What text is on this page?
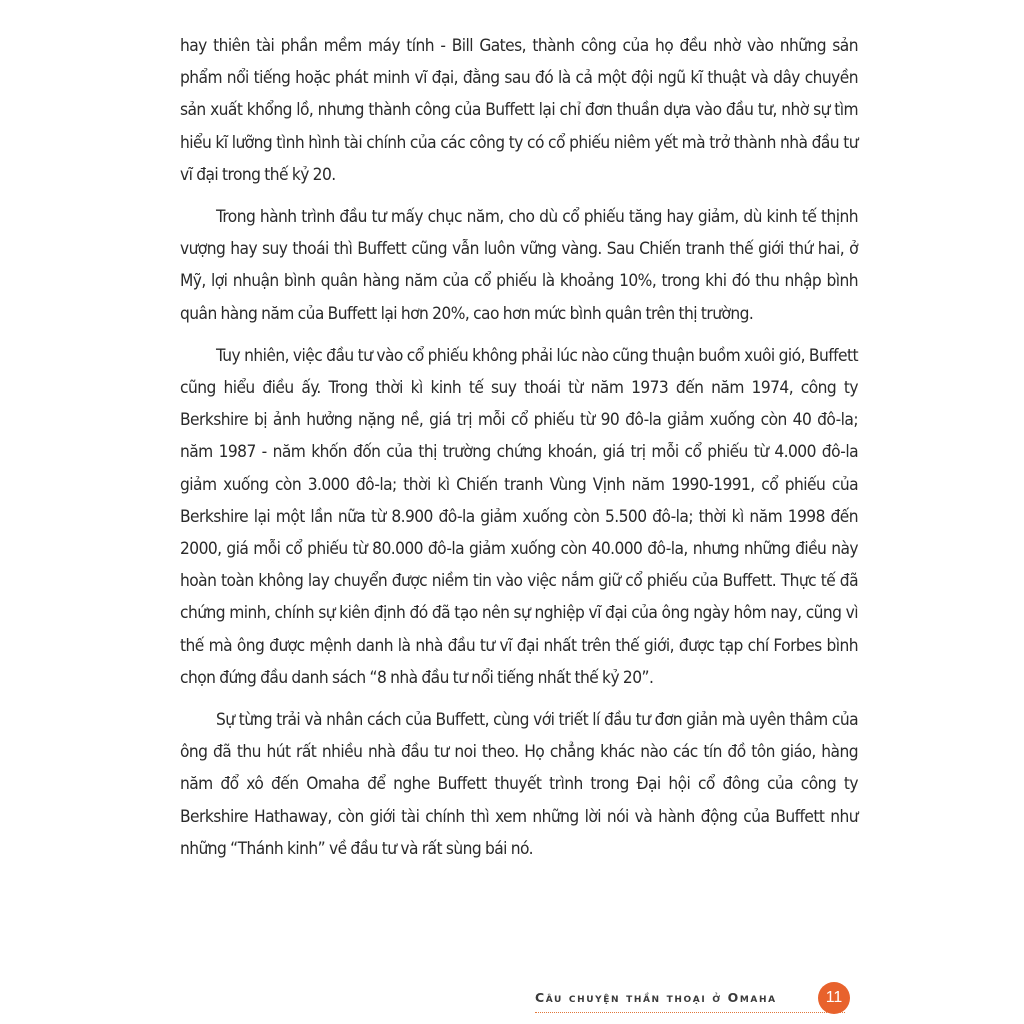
hay thiên tài phần mềm máy tính - Bill Gates, thành công của họ đều nhờ vào những sản phẩm nổi tiếng hoặc phát minh vĩ đại, đằng sau đó là cả một đội ngũ kĩ thuật và dây chuyền sản xuất khổng lồ, nhưng thành công của Buffett lại chỉ đơn thuần dựa vào đầu tư, nhờ sự tìm hiểu kĩ lưỡng tình hình tài chính của các công ty có cổ phiếu niêm yết mà trở thành nhà đầu tư vĩ đại trong thế kỷ 20.

Trong hành trình đầu tư mấy chục năm, cho dù cổ phiếu tăng hay giảm, dù kinh tế thịnh vượng hay suy thoái thì Buffett cũng vẫn luôn vững vàng. Sau Chiến tranh thế giới thứ hai, ở Mỹ, lợi nhuận bình quân hàng năm của cổ phiếu là khoảng 10%, trong khi đó thu nhập bình quân hàng năm của Buffett lại hơn 20%, cao hơn mức bình quân trên thị trường.

Tuy nhiên, việc đầu tư vào cổ phiếu không phải lúc nào cũng thuận buồm xuôi gió, Buffett cũng hiểu điều ấy. Trong thời kì kinh tế suy thoái từ năm 1973 đến năm 1974, công ty Berkshire bị ảnh hưởng nặng nề, giá trị mỗi cổ phiếu từ 90 đô-la giảm xuống còn 40 đô-la; năm 1987 - năm khốn đốn của thị trường chứng khoán, giá trị mỗi cổ phiếu từ 4.000 đô-la giảm xuống còn 3.000 đô-la; thời kì Chiến tranh Vùng Vịnh năm 1990-1991, cổ phiếu của Berkshire lại một lần nữa từ 8.900 đô-la giảm xuống còn 5.500 đô-la; thời kì năm 1998 đến 2000, giá mỗi cổ phiếu từ 80.000 đô-la giảm xuống còn 40.000 đô-la, nhưng những điều này hoàn toàn không lay chuyển được niềm tin vào việc nắm giữ cổ phiếu của Buffett. Thực tế đã chứng minh, chính sự kiên định đó đã tạo nên sự nghiệp vĩ đại của ông ngày hôm nay, cũng vì thế mà ông được mệnh danh là nhà đầu tư vĩ đại nhất trên thế giới, được tạp chí Forbes bình chọn đứng đầu danh sách “8 nhà đầu tư nổi tiếng nhất thế kỷ 20”.

Sự từng trải và nhân cách của Buffett, cùng với triết lí đầu tư đơn giản mà uyên thâm của ông đã thu hút rất nhiều nhà đầu tư noi theo. Họ chẳng khác nào các tín đồ tôn giáo, hàng năm đổ xô đến Omaha để nghe Buffett thuyết trình trong Đại hội cổ đông của công ty Berkshire Hathaway, còn giới tài chính thì xem những lời nói và hành động của Buffett như những “Thánh kinh” về đầu tư và rất sùng bái nó.

Câu chuyện thần thoại ở Omaha	11
